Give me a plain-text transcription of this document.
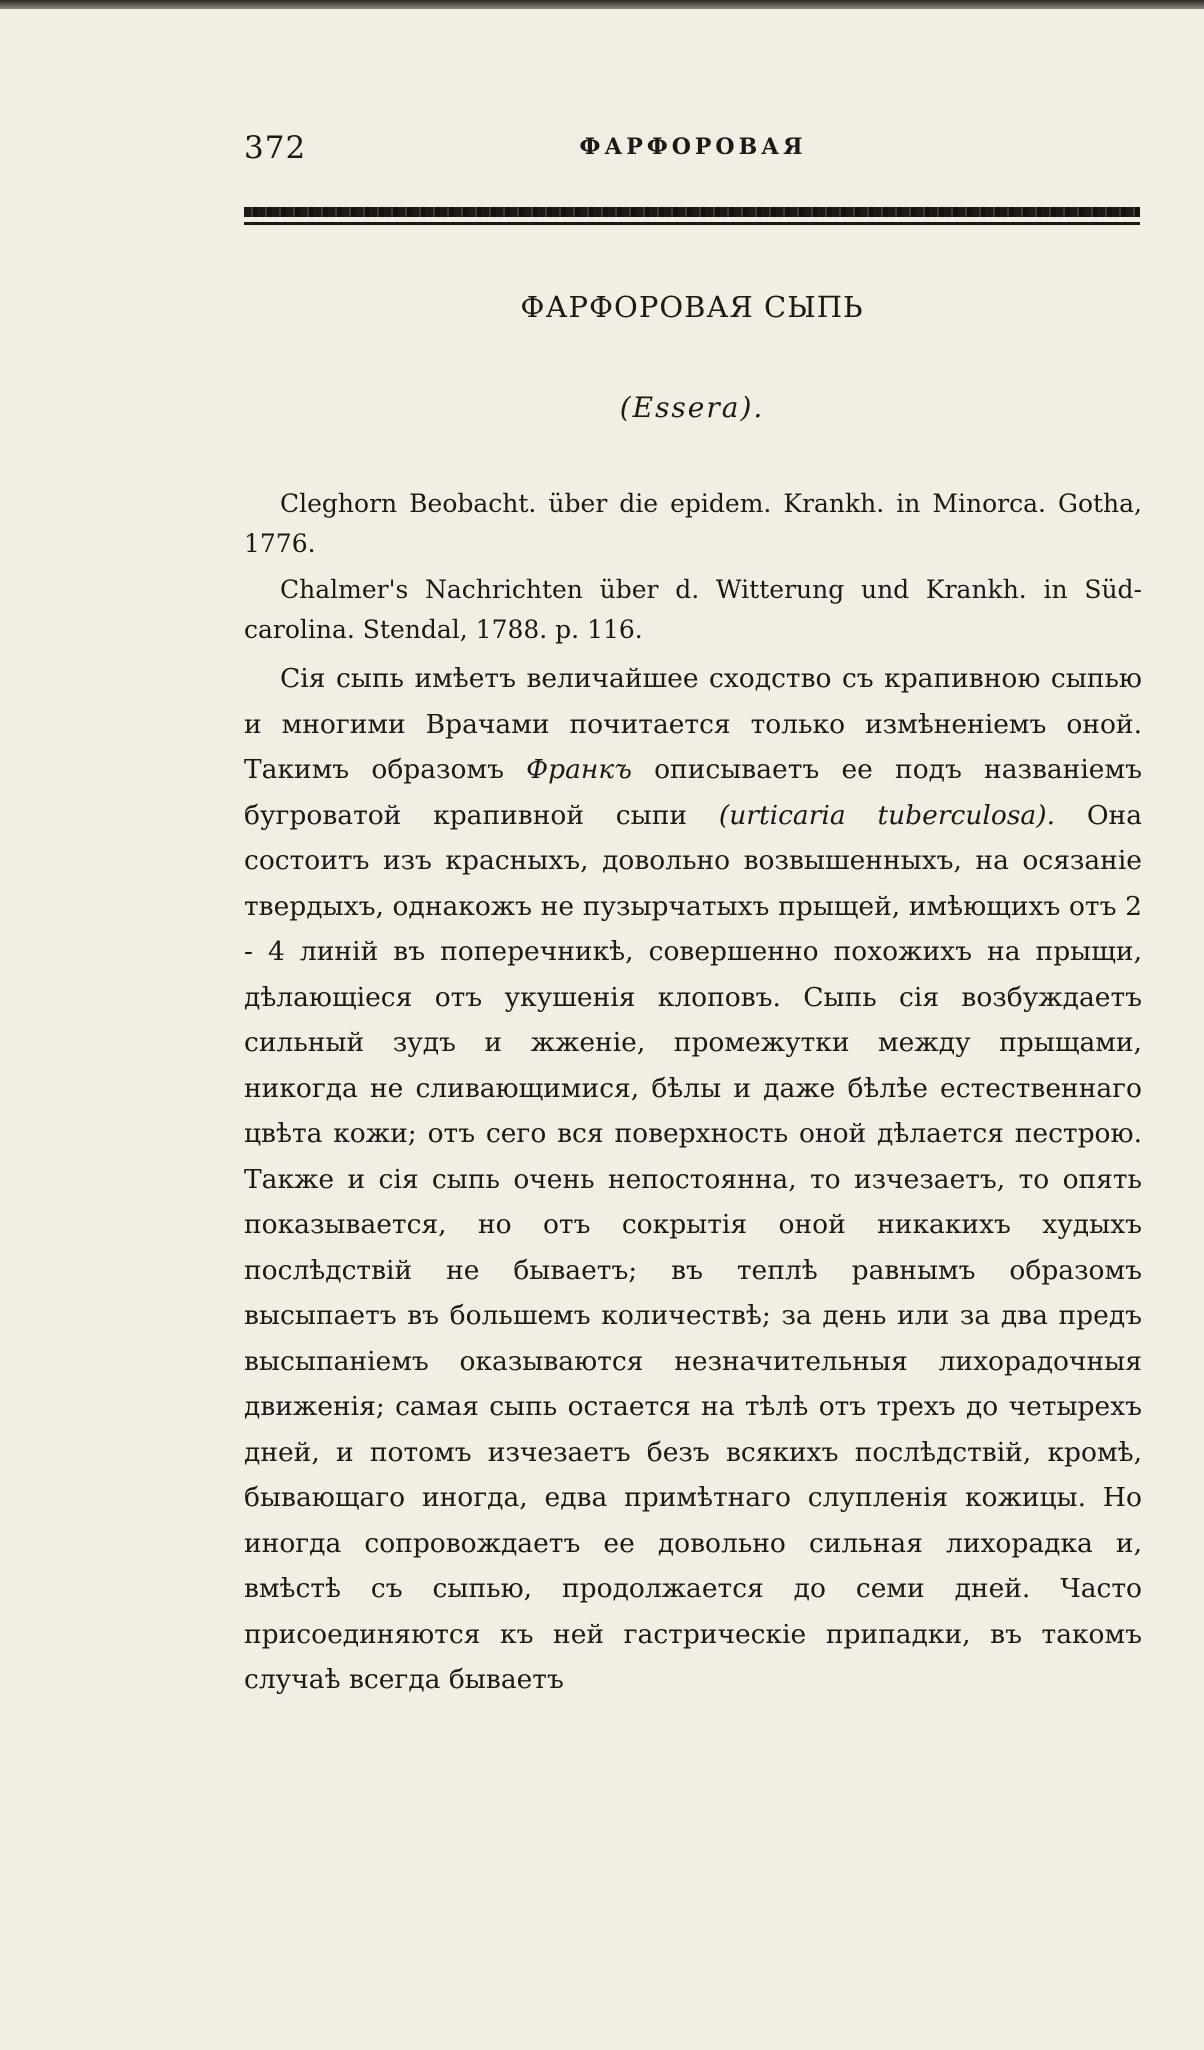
372	ФАРФОРОВАЯ
ФАРФОРОВАЯ СЫПЬ
(Essera).

Cleghorn Beobacht. über die epidem. Krankh. in Minorca. Gotha, 1776.

Chalmer's Nachrichten über d. Witterung und Krankh. in Süd-carolina. Stendal, 1788. p. 116.

Сія сыпь имѣетъ величайшее сходство съ крапивною сыпью и многими Врачами почитается только измѣненіемъ оной. Такимъ образомъ Франкъ описываетъ ее подъ названіемъ бугроватой крапивной сыпи (urticaria tuberculosa). Она состоитъ изъ красныхъ, довольно возвышенныхъ, на осязаніе твердыхъ, однакожъ не пузырчатыхъ прыщей, имѣющихъ отъ 2 - 4 линій въ поперечникѣ, совершенно похожихъ на прыщи, дѣлающіеся отъ укушенія клоповъ. Сыпь сія возбуждаетъ сильный зудъ и жженіе, промежутки между прыщами, никогда не сливающимися, бѣлы и даже бѣлѣе естественнаго цвѣта кожи; отъ сего вся поверхность оной дѣлается пестрою. Также и сія сыпь очень непостоянна, то изчезаетъ, то опять показывается, но отъ сокрытія оной никакихъ худыхъ послѣдствій не бываетъ; въ теплѣ равнымъ образомъ высыпаетъ въ большемъ количествѣ; за день или за два предъ высыпаніемъ оказываются незначительныя лихорадочныя движенія; самая сыпь остается на тѣлѣ отъ трехъ до четырехъ дней, и потомъ изчезаетъ безъ всякихъ послѣдствій, кромѣ, бывающаго иногда, едва примѣтнаго слупленія кожицы. Но иногда сопровождаетъ ее довольно сильная лихорадка и, вмѣстѣ съ сыпью, продолжается до семи дней. Часто присоединяются къ ней гастрическіе припадки, въ такомъ случаѣ всегда бываетъ
